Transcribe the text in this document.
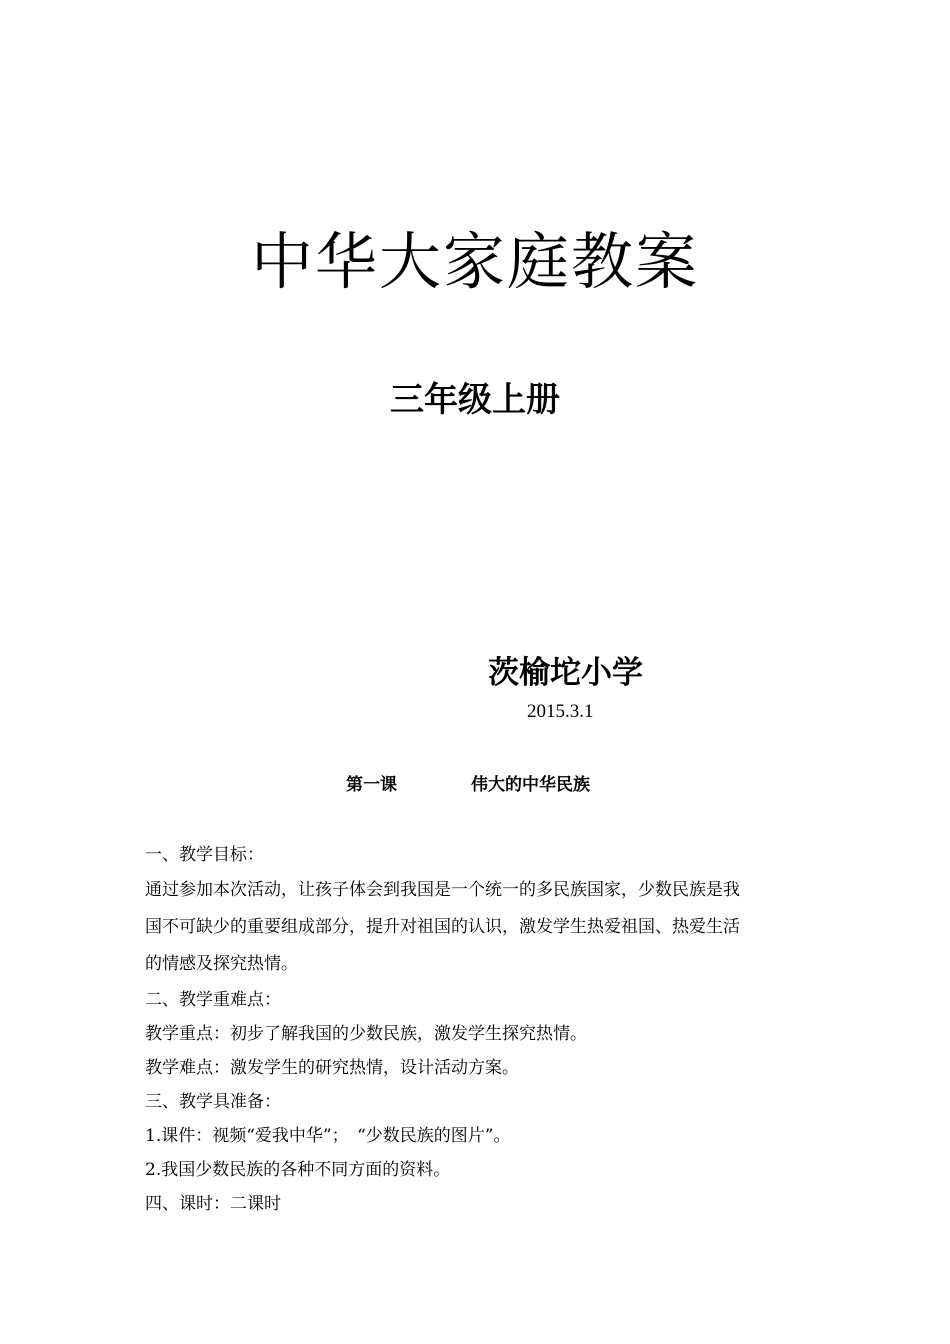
中华大家庭教案
三年级上册
茨榆坨小学
2015.3.1
第一课	伟大的中华民族
一、教学目标：
通过参加本次活动，让孩子体会到我国是一个统一的多民族国家，少数民族是我
国不可缺少的重要组成部分，提升对祖国的认识，激发学生热爱祖国、热爱生活
的情感及探究热情。
二、教学重难点：
教学重点：初步了解我国的少数民族，激发学生探究热情。
教学难点：激发学生的研究热情，设计活动方案。
三、教学具准备：
1.课件：视频“爱我中华”；　“少数民族的图片”。
2.我国少数民族的各种不同方面的资料。
四、课时：二课时
